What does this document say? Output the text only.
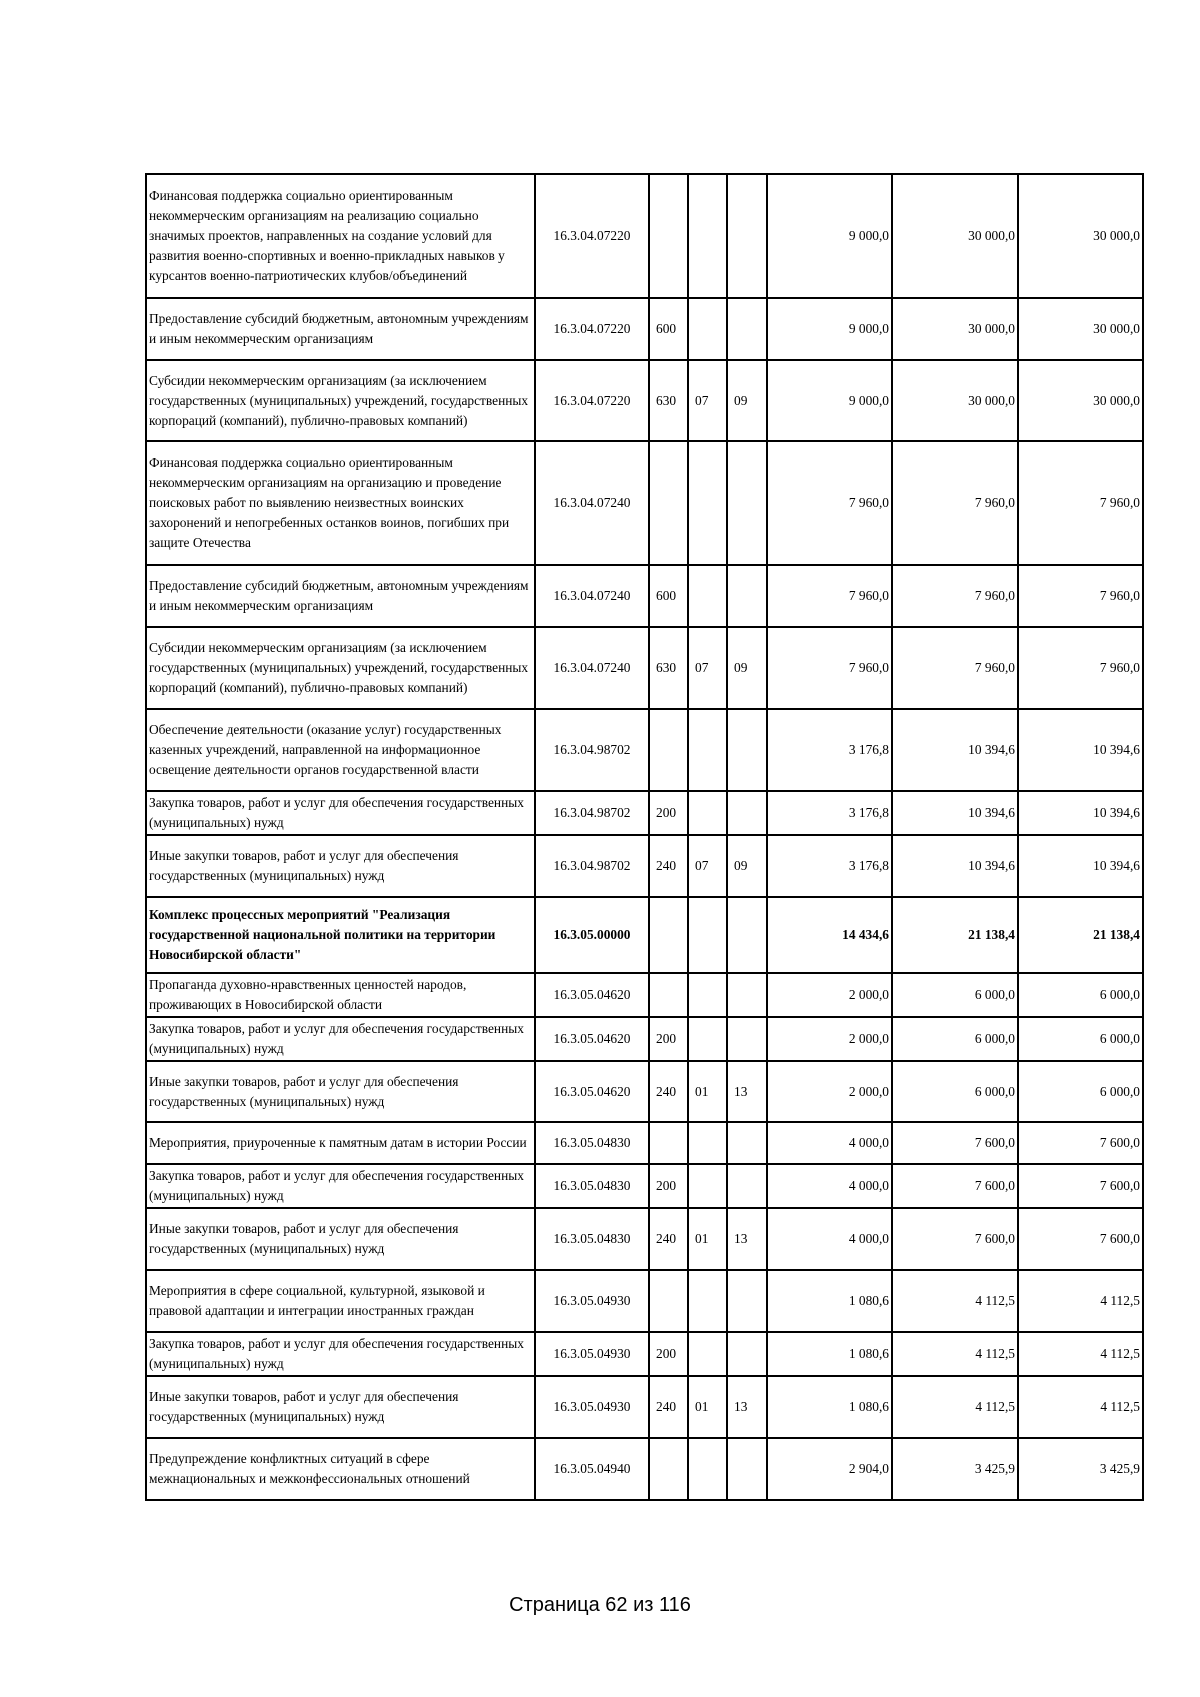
Финансовая поддержка социально ориентированным некоммерческим организациям на реализацию социально значимых проектов, направленных на создание условий для развития военно-спортивных и военно-прикладных навыков у курсантов военно-патриотических клубов/объединений	16.3.04.07220				9 000,0	30 000,0	30 000,0
Предоставление субсидий бюджетным, автономным учреждениям и иным некоммерческим организациям	16.3.04.07220	600			9 000,0	30 000,0	30 000,0
Субсидии некоммерческим организациям (за исключением государственных (муниципальных) учреждений, государственных корпораций (компаний), публично-правовых компаний)	16.3.04.07220	630	07	09	9 000,0	30 000,0	30 000,0
Финансовая поддержка социально ориентированным некоммерческим организациям на организацию и проведение поисковых работ по выявлению неизвестных воинских захоронений и непогребенных останков воинов, погибших при защите Отечества	16.3.04.07240				7 960,0	7 960,0	7 960,0
Предоставление субсидий бюджетным, автономным учреждениям и иным некоммерческим организациям	16.3.04.07240	600			7 960,0	7 960,0	7 960,0
Субсидии некоммерческим организациям (за исключением государственных (муниципальных) учреждений, государственных корпораций (компаний), публично-правовых компаний)	16.3.04.07240	630	07	09	7 960,0	7 960,0	7 960,0
Обеспечение деятельности (оказание услуг) государственных казенных учреждений, направленной на информационное освещение деятельности органов государственной власти	16.3.04.98702				3 176,8	10 394,6	10 394,6
Закупка товаров, работ и услуг для обеспечения государственных (муниципальных) нужд	16.3.04.98702	200			3 176,8	10 394,6	10 394,6
Иные закупки товаров, работ и услуг для обеспечения государственных (муниципальных) нужд	16.3.04.98702	240	07	09	3 176,8	10 394,6	10 394,6
Комплекс процессных мероприятий "Реализация государственной национальной политики на территории Новосибирской области"	16.3.05.00000				14 434,6	21 138,4	21 138,4
Пропаганда духовно-нравственных ценностей народов, проживающих в Новосибирской области	16.3.05.04620				2 000,0	6 000,0	6 000,0
Закупка товаров, работ и услуг для обеспечения государственных (муниципальных) нужд	16.3.05.04620	200			2 000,0	6 000,0	6 000,0
Иные закупки товаров, работ и услуг для обеспечения государственных (муниципальных) нужд	16.3.05.04620	240	01	13	2 000,0	6 000,0	6 000,0
Мероприятия, приуроченные к памятным датам в истории России	16.3.05.04830				4 000,0	7 600,0	7 600,0
Закупка товаров, работ и услуг для обеспечения государственных (муниципальных) нужд	16.3.05.04830	200			4 000,0	7 600,0	7 600,0
Иные закупки товаров, работ и услуг для обеспечения государственных (муниципальных) нужд	16.3.05.04830	240	01	13	4 000,0	7 600,0	7 600,0
Мероприятия в сфере социальной, культурной, языковой и правовой адаптации и интеграции иностранных граждан	16.3.05.04930				1 080,6	4 112,5	4 112,5
Закупка товаров, работ и услуг для обеспечения государственных (муниципальных) нужд	16.3.05.04930	200			1 080,6	4 112,5	4 112,5
Иные закупки товаров, работ и услуг для обеспечения государственных (муниципальных) нужд	16.3.05.04930	240	01	13	1 080,6	4 112,5	4 112,5
Предупреждение конфликтных ситуаций в сфере межнациональных и межконфессиональных отношений	16.3.05.04940				2 904,0	3 425,9	3 425,9
Страница 62 из 116
